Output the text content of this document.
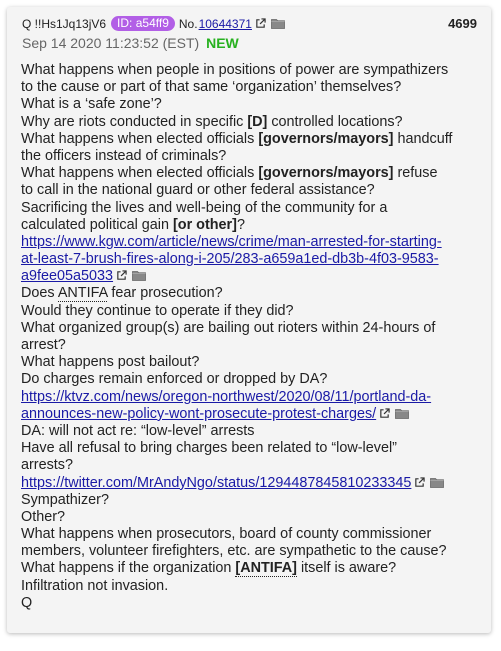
Q !!Hs1Jq13jV6 ID: a54ff9 No. 10644371	4699
Sep 14 2020 11:23:52 (EST) NEW
What happens when people in positions of power are sympathizers
to the cause or part of that same ‘organization’ themselves?
What is a ‘safe zone’?
Why are riots conducted in specific [D] controlled locations?
What happens when elected officials [governors/mayors] handcuff
the officers instead of criminals?
What happens when elected officials [governors/mayors] refuse
to call in the national guard or other federal assistance?
Sacrificing the lives and well-being of the community for a
calculated political gain [or other]?
https://www.kgw.com/article/news/crime/man-arrested-for-starting-
at-least-7-brush-fires-along-i-205/283-a659a1ed-db3b-4f03-9583-
a9fee05a5033
Does ANTIFA fear prosecution?
Would they continue to operate if they did?
What organized group(s) are bailing out rioters within 24-hours of
arrest?
What happens post bailout?
Do charges remain enforced or dropped by DA?
https://ktvz.com/news/oregon-northwest/2020/08/11/portland-da-
announces-new-policy-wont-prosecute-protest-charges/
DA: will not act re: “low-level” arrests
Have all refusal to bring charges been related to “low-level”
arrests?
https://twitter.com/MrAndyNgo/status/1294487845810233345
Sympathizer?
Other?
What happens when prosecutors, board of county commissioner
members, volunteer firefighters, etc. are sympathetic to the cause?
What happens if the organization [ANTIFA] itself is aware?
Infiltration not invasion.
Q
